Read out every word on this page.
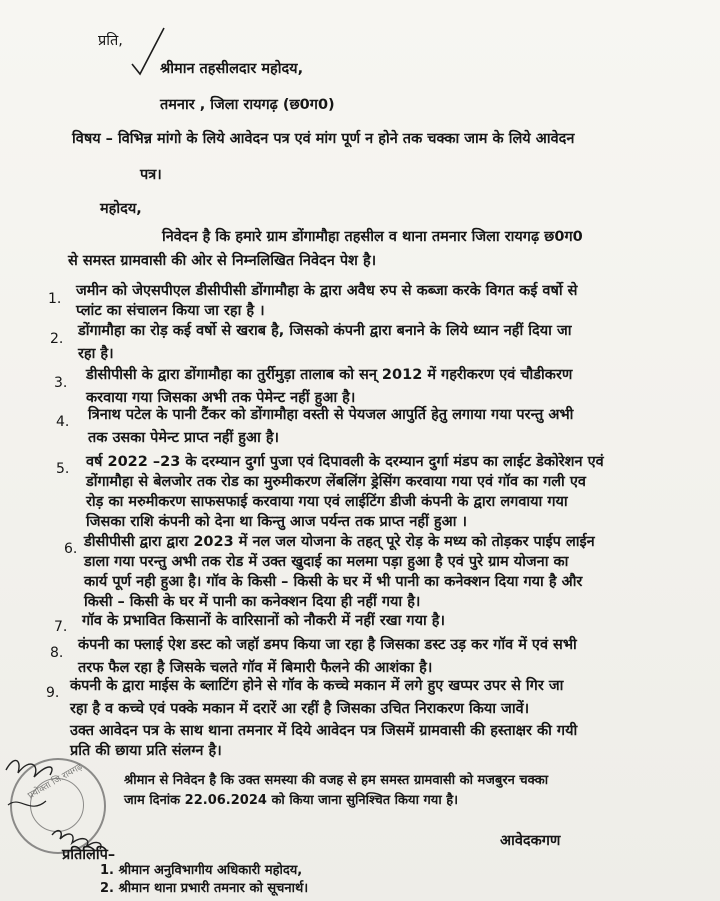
प्रति,
श्रीमान तहसीलदार महोदय,
तमनार , जिला रायगढ़ (छ0ग0)
विषय – विभिन्न मांगो के लिये आवेदन पत्र एवं मांग पूर्ण न होने तक चक्का जाम के लिये आवेदन
पत्र।
महोदय,
निवेदन है कि हमारे ग्राम डोंगामौहा तहसील व थाना तमनार जिला रायगढ़ छ0ग0
से समस्त ग्रामवासी की ओर से निम्नलिखित निवेदन पेश है।
1. जमीन को जेएसपीएल डीसीपीसी डोंगामौहा के द्वारा अवैध रुप से कब्जा करके विगत कई वर्षो से
प्लांट का संचालन किया जा रहा है ।
2. डोंगामौहा का रोड़ कई वर्षो से खराब है, जिसको कंपनी द्वारा बनाने के लिये ध्यान नहीं दिया जा
रहा है।
3. डीसीपीसी के द्वारा डोंगामौहा का तुर्रीमुड़ा तालाब को सन् 2012 में गहरीकरण एवं चौडीकरण
करवाया गया जिसका अभी तक पेमेन्ट नहीं हुआ है।
4. त्रिनाथ पटेल के पानी टैंकर को डोंगामौहा वस्ती से पेयजल आपुर्ति हेतु लगाया गया परन्तु अभी
तक उसका पेमेन्ट प्राप्त नहीं हुआ है।
5. वर्ष 2022 –23 के दरम्यान दुर्गा पुजा एवं दिपावली के दरम्यान दुर्गा मंडप का लाईट डेकोरेशन एवं
डोंगामौहा से बेलजोर तक रोड का मुरुमीकरण लेंबलिंग ड्रेसिंग करवाया गया एवं गॉव का गली एव
रोड़ का मरुमीकरण साफसफाई करवाया गया एवं लाईटिंग डीजी कंपनी के द्वारा लगवाया गया
जिसका राशि कंपनी को देना था किन्तु आज पर्यन्त तक प्राप्त नहीं हुआ ।
6. डीसीपीसी द्वारा द्वारा 2023 में नल जल योजना के तहत् पूरे रोड़ के मध्य को तोड़कर पाईप लाईन
डाला गया परन्तु अभी तक रोड में उक्त खुदाई का मलमा पड़ा हुआ है एवं पुरे ग्राम योजना का
कार्य पूर्ण नही हुआ है। गॉव के किसी – किसी के घर में भी पानी का कनेक्शन दिया गया है और
किसी – किसी के घर में पानी का कनेक्शन दिया ही नहीं गया है।
7. गॉव के प्रभावित किसानों के वारिसानों को नौकरी में नहीं रखा गया है।
8. कंपनी का फ्लाई ऐश डस्ट को जहॉ डमप किया जा रहा है जिसका डस्ट उड़ कर गॉव में एवं सभी
तरफ फैल रहा है जिसके चलते गॉव में बिमारी फैलने की आशंका है।
9. कंपनी के द्वारा माईस के ब्लाटिंग होने से गॉव के कच्चे मकान में लगे हुए खप्पर उपर से गिर जा
रहा है व कच्चे एवं पक्के मकान में दरारें आ रहीं है जिसका उचित निराकरण किया जावें।
उक्त आवेदन पत्र के साथ थाना तमनार में दिये आवेदन पत्र जिसमें ग्रामवासी की हस्ताक्षर की गयी
प्रति की छाया प्रति संलग्न है।
श्रीमान से निवेदन है कि उक्त समस्या की वजह से हम समस्त ग्रामवासी को मजबुरन चक्का
जाम दिनांक 22.06.2024 को किया जाना सुनिश्चित किया गया है।
प्रयोक्ता जि.रायगढ़
आवेदकगण
प्रतिलिपि–
1. श्रीमान अनुविभागीय अधिकारी महोदय,
2. श्रीमान थाना प्रभारी तमनार को सूचनार्थ।
